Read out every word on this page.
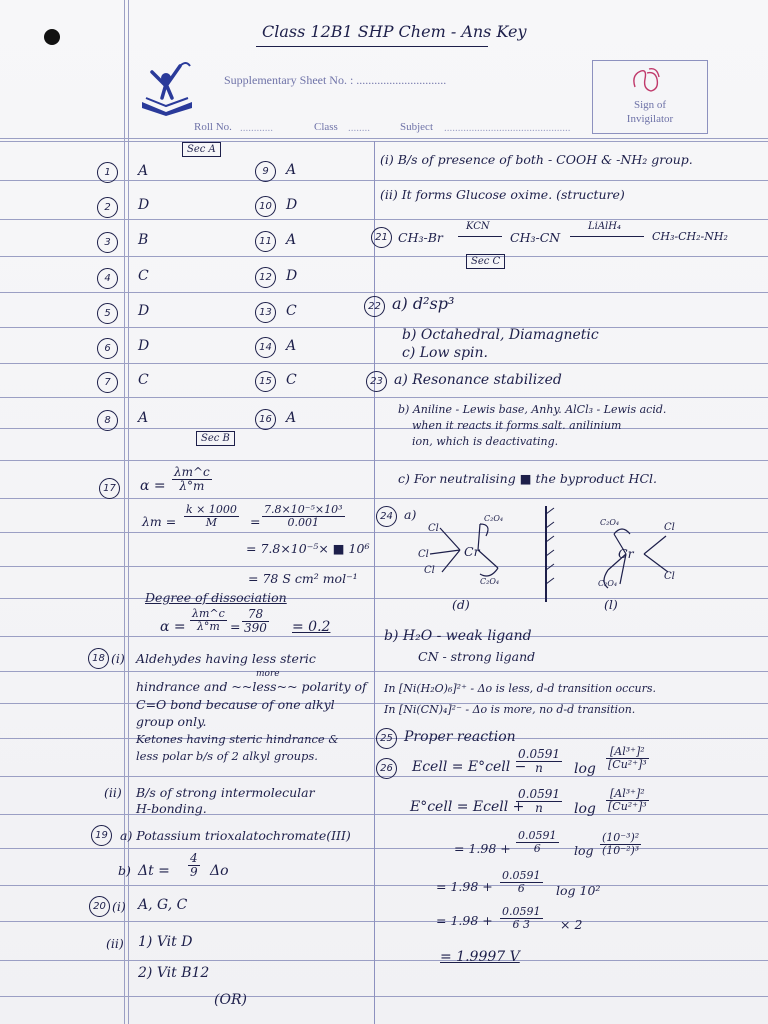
Class 12B1 SHP Chem - Ans Key
Supplementary Sheet No. : ..............................
Sign of
Invigilator
Roll No. ............	Class ........	Subject ..............................................
Sec A
1	A	9	A
2	D	10 D
3	B	11 A
4	C	12 D
5	D	13 C
6	D	14 A
7	C	15 C
8	A	16 A
Sec B
17 $\alpha = \frac{\lambda m\^{}c}{\lambda^\circ m}$
$\lambda m = \frac{k \times 1000}{M} = \frac{\text{7.8×10⁻⁵×10³}}{0.001}$
= 7.8×10⁻⁵× ■ 10⁶
= 78 S cm² mol⁻¹
Degree of dissociation
$\alpha = \frac{\lambda m\^{}c}{\lambda^\circ m} = \frac{78}{390} = 0.2$
18 (i) Aldehydes having less steric
more
hindrance and ~~less~~ polarity of
C=O bond because of one alkyl
group only.
Ketones having steric hindrance &
less polar b/s of 2 alkyl groups.
(ii) B/s of strong intermolecular
H-bonding.
19 a) Potassium trioxalatochromate(III)
b) $\Delta t = \frac{4}{9}$ Δo
20 (i) A, G, C
(ii) 1) Vit D
2) Vit B12
(OR)
(i) B/s of presence of both - COOH & -NH₂ group.
(ii) It forms Glucose oxime. (structure)
21 CH₃-Br
KCN
CH₃-CN
LiAlH₄
CH₃-CH₂-NH₂
Sec C
22 a) d²sp³
b) Octahedral, Diamagnetic
c) Low spin.
23 a) Resonance stabilized
b) Aniline - Lewis base, Anhy. AlCl₃ - Lewis acid.
when it reacts it forms salt. anilinium
ion, which is deactivating.
c) For neutralising ■ the byproduct HCl.
24 a)
Cl
Cl
Cl
Cr
C₂O₄
C₂O₄
(d)
C₂O₄
C₂O₄
Cr
Cl
Cl
(l)
b) H₂O - weak ligand
CN - strong ligand
In [Ni(H₂O)₆]²⁺ - Δo is less, d-d transition occurs.
In [Ni(CN)₄]²⁻ - Δo is more, no d-d transition.
25 Proper reaction
26 Ecell = E°cell −
$\frac{0.0591}{n}$ $\log \frac{\text{[Al³⁺]²}}{\text{[Cu²⁺]³}}$
E°cell = Ecell +
$\frac{0.0591}{n}$ $\log \frac{\text{[Al³⁺]²}}{\text{[Cu²⁺]³}}$
= $1.98 + \frac{0.0591}{6}$ $\log \frac{\text{(10⁻³)²}}{\text{(10⁻²)³}}$
= $1.98 + \frac{0.0591}{6}$ log 10²
= $1.98 + \frac{0.0591}{6 3} \times 2$
= 1.9997 V
